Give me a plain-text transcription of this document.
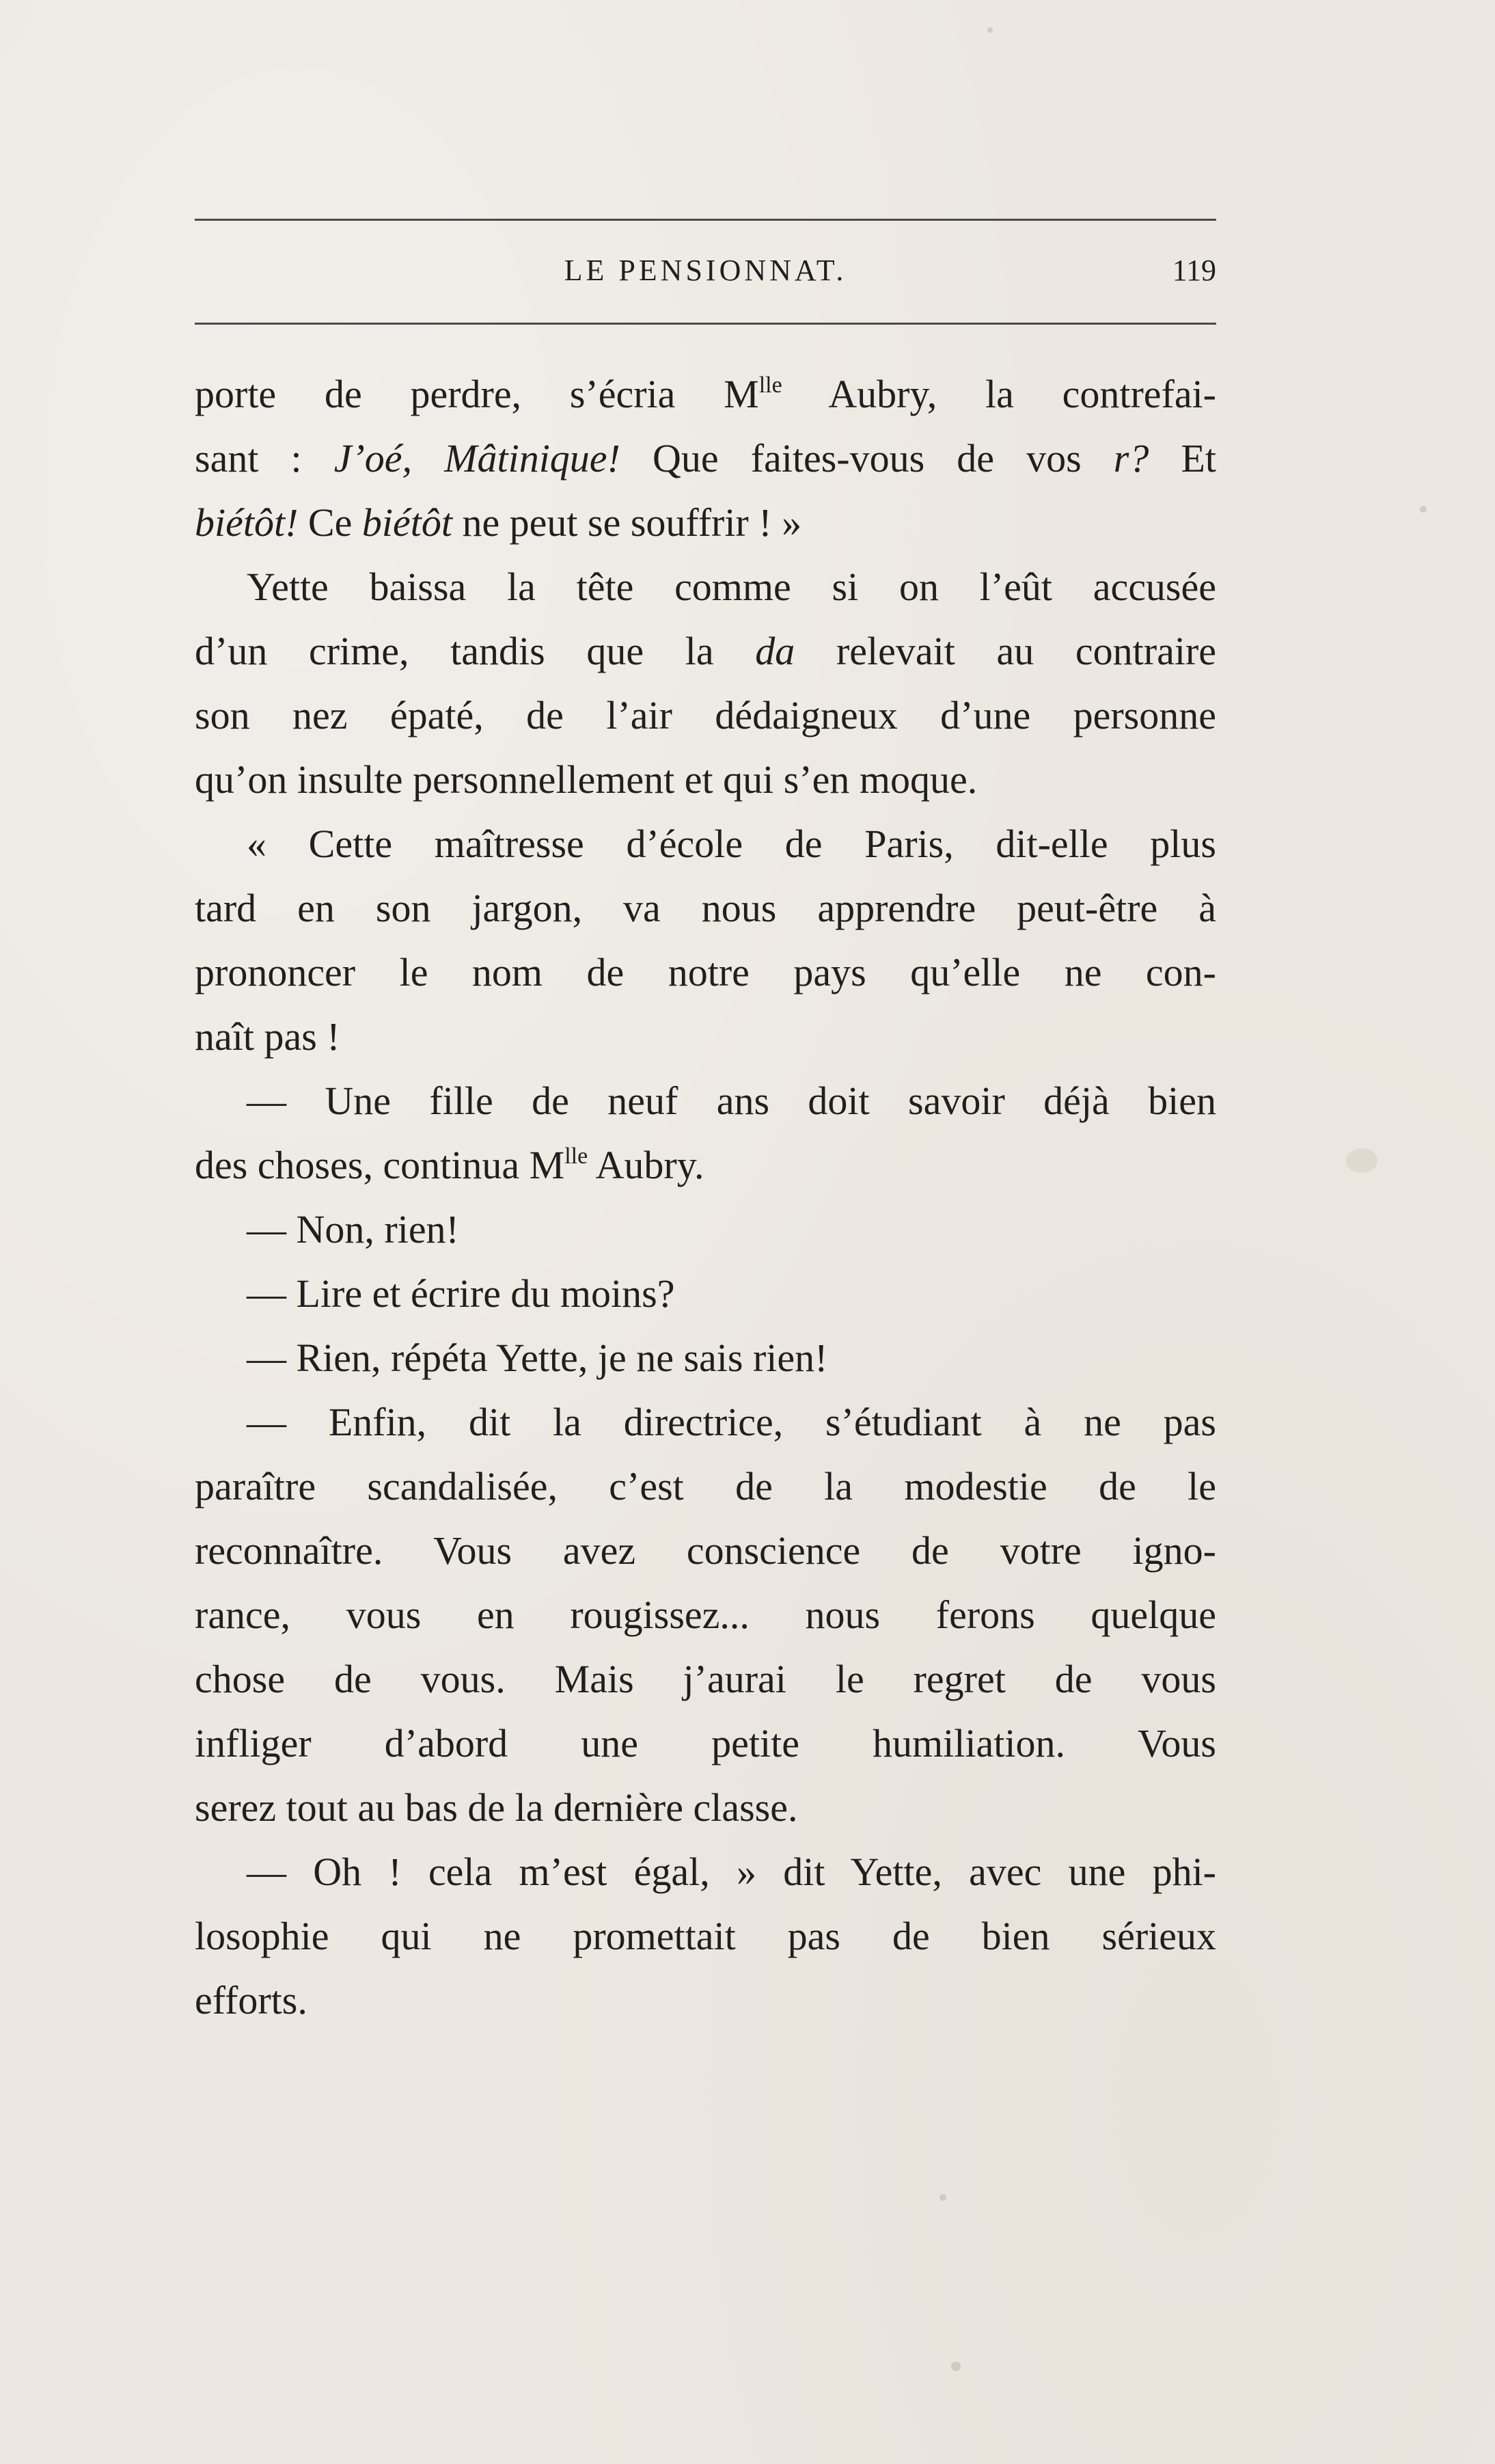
LE PENSIONNAT.	119
porte de perdre, s’écria $M^{lle}$ Aubry, la contrefai-
sant : J’oé, Mâtinique! Que faites-vous de vos r? Et
biétôt! Ce biétôt ne peut se souffrir ! »
Yette baissa la tête comme si on l’eût accusée
d’un crime, tandis que la da relevait au contraire
son nez épaté, de l’air dédaigneux d’une personne
qu’on insulte personnellement et qui s’en moque.
« Cette maîtresse d’école de Paris, dit-elle plus
tard en son jargon, va nous apprendre peut-être à
prononcer le nom de notre pays qu’elle ne con-
naît pas !
— Une fille de neuf ans doit savoir déjà bien
des choses, continua $M^{lle}$ Aubry.
— Non, rien!
— Lire et écrire du moins?
— Rien, répéta Yette, je ne sais rien!
— Enfin, dit la directrice, s’étudiant à ne pas
paraître scandalisée, c’est de la modestie de le
reconnaître. Vous avez conscience de votre igno-
rance, vous en rougissez... nous ferons quelque
chose de vous. Mais j’aurai le regret de vous
infliger d’abord une petite humiliation. Vous
serez tout au bas de la dernière classe.
— Oh ! cela m’est égal, » dit Yette, avec une phi-
losophie qui ne promettait pas de bien sérieux
efforts.
